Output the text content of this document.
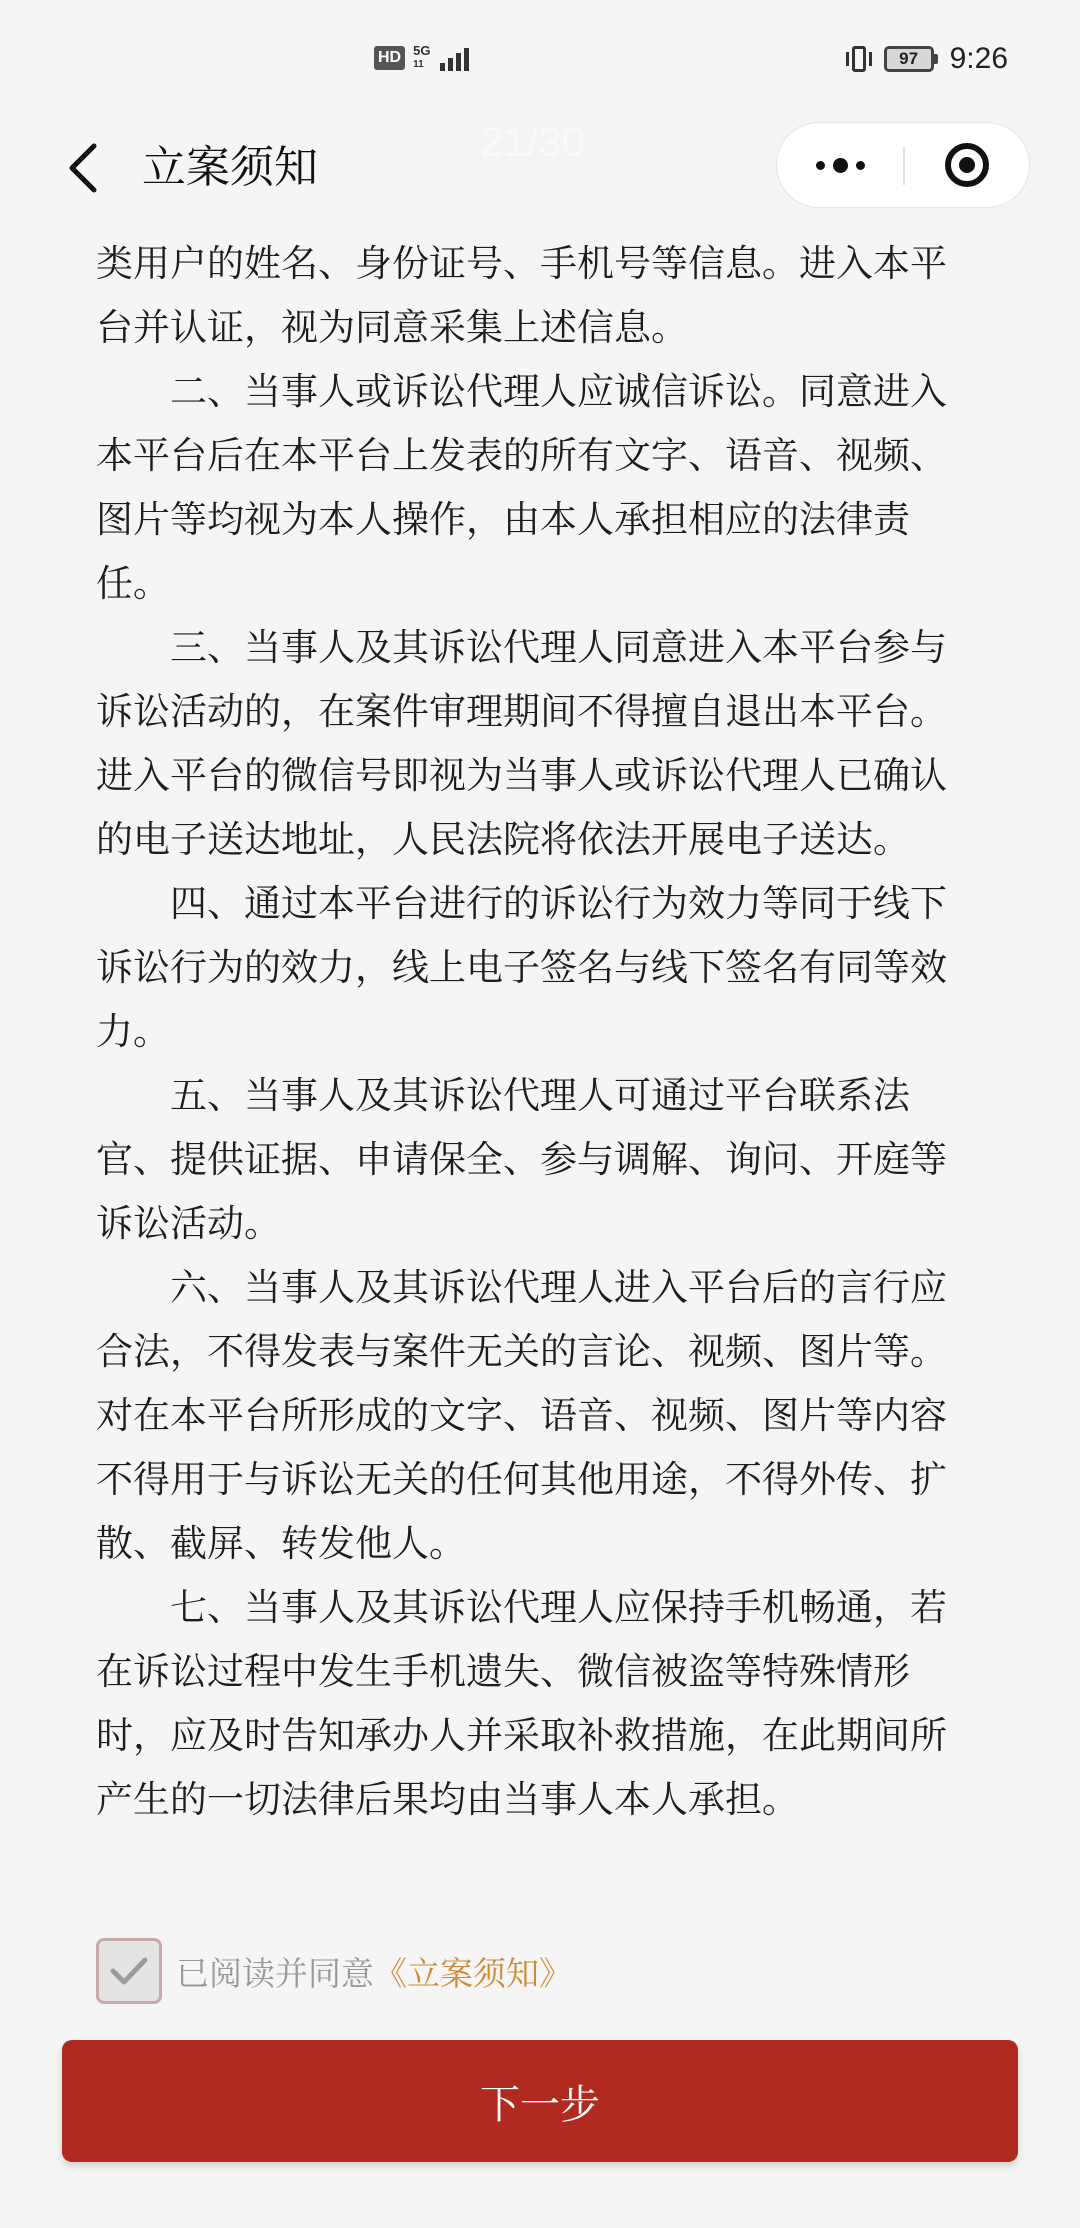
HD 5G
11	97	9:26
立案须知
21/30

类用户的姓名、身份证号、手机号等信息。进入本平台并认证，视为同意采集上述信息。

二、当事人或诉讼代理人应诚信诉讼。同意进入本平台后在本平台上发表的所有文字、语音、视频、图片等均视为本人操作，由本人承担相应的法律责任。

三、当事人及其诉讼代理人同意进入本平台参与诉讼活动的，在案件审理期间不得擅自退出本平台。进入平台的微信号即视为当事人或诉讼代理人已确认的电子送达地址，人民法院将依法开展电子送达。

四、通过本平台进行的诉讼行为效力等同于线下诉讼行为的效力，线上电子签名与线下签名有同等效力。

五、当事人及其诉讼代理人可通过平台联系法官、提供证据、申请保全、参与调解、询问、开庭等诉讼活动。

六、当事人及其诉讼代理人进入平台后的言行应合法，不得发表与案件无关的言论、视频、图片等。对在本平台所形成的文字、语音、视频、图片等内容不得用于与诉讼无关的任何其他用途，不得外传、扩散、截屏、转发他人。

七、当事人及其诉讼代理人应保持手机畅通，若在诉讼过程中发生手机遗失、微信被盗等特殊情形时，应及时告知承办人并采取补救措施，在此期间所产生的一切法律后果均由当事人本人承担。

已阅读并同意 《立案须知》
下一步
